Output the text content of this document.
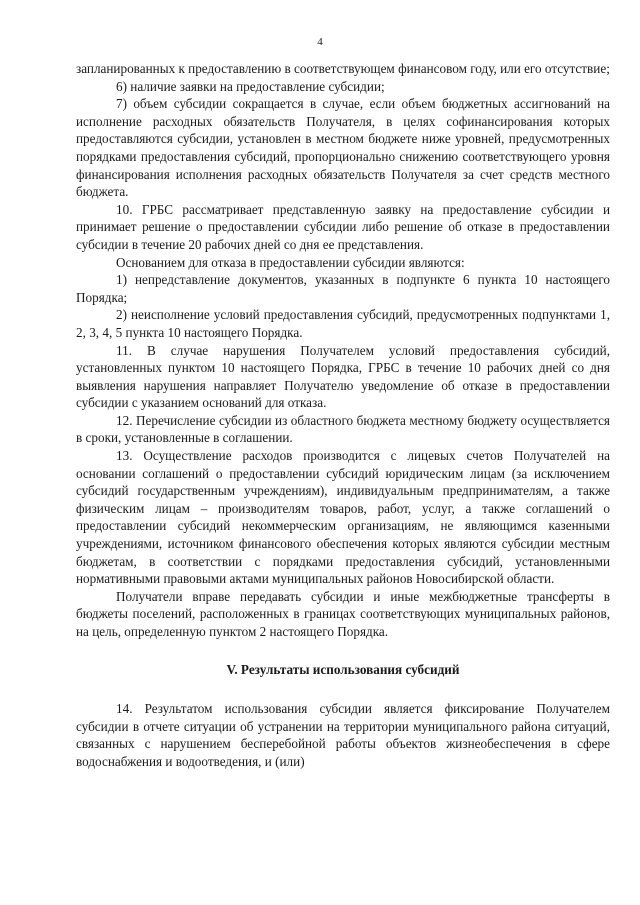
4

запланированных к предоставлению в соответствующем финансовом году, или его отсутствие;

6) наличие заявки на предоставление субсидии;

7) объем субсидии сокращается в случае, если объем бюджетных ассигнований на исполнение расходных обязательств Получателя, в целях софинансирования которых предоставляются субсидии, установлен в местном бюджете ниже уровней, предусмотренных порядками предоставления субсидий, пропорционально снижению соответствующего уровня финансирования исполнения расходных обязательств Получателя за счет средств местного бюджета.

10. ГРБС рассматривает представленную заявку на предоставление субсидии и принимает решение о предоставлении субсидии либо решение об отказе в предоставлении субсидии в течение 20 рабочих дней со дня ее представления.

Основанием для отказа в предоставлении субсидии являются:

1) непредставление документов, указанных в подпункте 6 пункта 10 настоящего Порядка;

2) неисполнение условий предоставления субсидий, предусмотренных подпунктами 1, 2, 3, 4, 5 пункта 10 настоящего Порядка.

11. В случае нарушения Получателем условий предоставления субсидий, установленных пунктом 10 настоящего Порядка, ГРБС в течение 10 рабочих дней со дня выявления нарушения направляет Получателю уведомление об отказе в предоставлении субсидии с указанием оснований для отказа.

12. Перечисление субсидии из областного бюджета местному бюджету осуществляется в сроки, установленные в соглашении.

13. Осуществление расходов производится с лицевых счетов Получателей на основании соглашений о предоставлении субсидий юридическим лицам (за исключением субсидий государственным учреждениям), индивидуальным предпринимателям, а также физическим лицам – производителям товаров, работ, услуг, а также соглашений о предоставлении субсидий некоммерческим организациям, не являющимся казенными учреждениями, источником финансового обеспечения которых являются субсидии местным бюджетам, в соответствии с порядками предоставления субсидий, установленными нормативными правовыми актами муниципальных районов Новосибирской области.

Получатели вправе передавать субсидии и иные межбюджетные трансферты в бюджеты поселений, расположенных в границах соответствующих муниципальных районов, на цель, определенную пунктом 2 настоящего Порядка.

V. Результаты использования субсидий

14. Результатом использования субсидии является фиксирование Получателем субсидии в отчете ситуации об устранении на территории муниципального района ситуаций, связанных с нарушением бесперебойной работы объектов жизнеобеспечения в сфере водоснабжения и водоотведения, и (или)
